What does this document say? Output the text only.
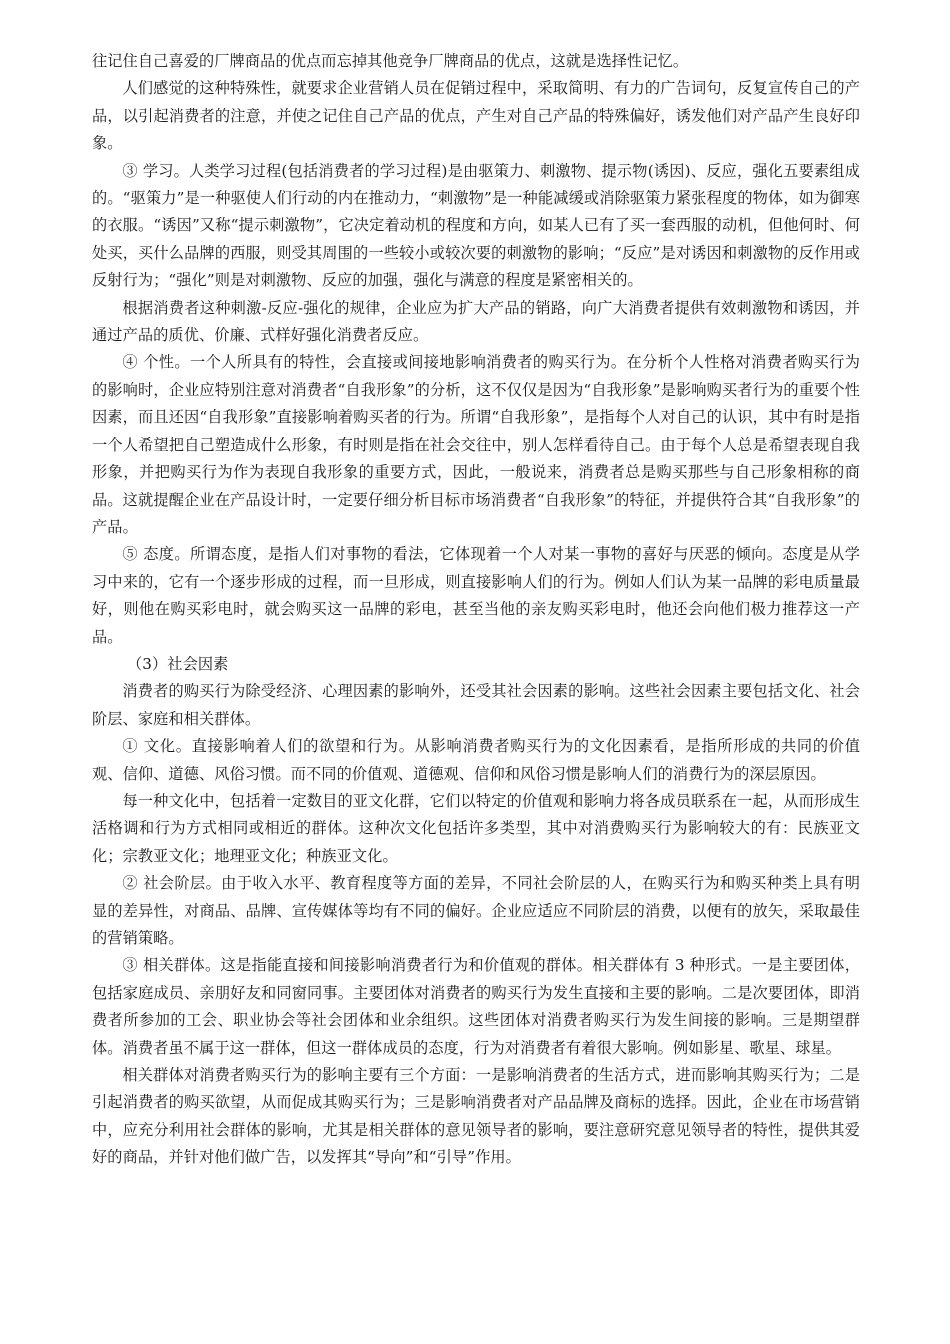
往记住自己喜爱的厂牌商品的优点而忘掉其他竞争厂牌商品的优点，这就是选择性记忆。

人们感觉的这种特殊性，就要求企业营销人员在促销过程中，采取简明、有力的广告词句，反复宣传自己的产品，以引起消费者的注意，并使之记住自己产品的优点，产生对自己产品的特殊偏好，诱发他们对产品产生良好印象。

③ 学习。人类学习过程(包括消费者的学习过程)是由驱策力、刺激物、提示物(诱因)、反应，强化五要素组成的。“驱策力”是一种驱使人们行动的内在推动力，“刺激物”是一种能减缓或消除驱策力紧张程度的物体，如为御寒的衣服。“诱因”又称“提示刺激物”，它决定着动机的程度和方向，如某人已有了买一套西服的动机，但他何时、何处买，买什么品牌的西服，则受其周围的一些较小或较次要的刺激物的影响；“反应”是对诱因和刺激物的反作用或反射行为；“强化”则是对刺激物、反应的加强，强化与满意的程度是紧密相关的。

根据消费者这种刺激-反应-强化的规律，企业应为扩大产品的销路，向广大消费者提供有效刺激物和诱因，并通过产品的质优、价廉、式样好强化消费者反应。

④ 个性。一个人所具有的特性，会直接或间接地影响消费者的购买行为。在分析个人性格对消费者购买行为的影响时，企业应特别注意对消费者“自我形象”的分析，这不仅仅是因为“自我形象”是影响购买者行为的重要个性因素，而且还因“自我形象”直接影响着购买者的行为。所谓“自我形象”，是指每个人对自己的认识，其中有时是指一个人希望把自己塑造成什么形象，有时则是指在社会交往中，别人怎样看待自己。由于每个人总是希望表现自我形象，并把购买行为作为表现自我形象的重要方式，因此，一般说来，消费者总是购买那些与自己形象相称的商品。这就提醒企业在产品设计时，一定要仔细分析目标市场消费者“自我形象”的特征，并提供符合其“自我形象”的产品。

⑤ 态度。所谓态度，是指人们对事物的看法，它体现着一个人对某一事物的喜好与厌恶的倾向。态度是从学习中来的，它有一个逐步形成的过程，而一旦形成，则直接影响人们的行为。例如人们认为某一品牌的彩电质量最好，则他在购买彩电时，就会购买这一品牌的彩电，甚至当他的亲友购买彩电时，他还会向他们极力推荐这一产品。

（3）社会因素

消费者的购买行为除受经济、心理因素的影响外，还受其社会因素的影响。这些社会因素主要包括文化、社会阶层、家庭和相关群体。

① 文化。直接影响着人们的欲望和行为。从影响消费者购买行为的文化因素看，是指所形成的共同的价值观、信仰、道德、风俗习惯。而不同的价值观、道德观、信仰和风俗习惯是影响人们的消费行为的深层原因。

每一种文化中，包括着一定数目的亚文化群，它们以特定的价值观和影响力将各成员联系在一起，从而形成生活格调和行为方式相同或相近的群体。这种次文化包括许多类型，其中对消费购买行为影响较大的有：民族亚文化；宗教亚文化；地理亚文化；种族亚文化。

② 社会阶层。由于收入水平、教育程度等方面的差异，不同社会阶层的人，在购买行为和购买种类上具有明显的差异性，对商品、品牌、宣传媒体等均有不同的偏好。企业应适应不同阶层的消费，以便有的放矢，采取最佳的营销策略。

③ 相关群体。这是指能直接和间接影响消费者行为和价值观的群体。相关群体有 3 种形式。一是主要团体，包括家庭成员、亲朋好友和同窗同事。主要团体对消费者的购买行为发生直接和主要的影响。二是次要团体，即消费者所参加的工会、职业协会等社会团体和业余组织。这些团体对消费者购买行为发生间接的影响。三是期望群体。消费者虽不属于这一群体，但这一群体成员的态度，行为对消费者有着很大影响。例如影星、歌星、球星。

相关群体对消费者购买行为的影响主要有三个方面：一是影响消费者的生活方式，进而影响其购买行为；二是引起消费者的购买欲望，从而促成其购买行为；三是影响消费者对产品品牌及商标的选择。因此，企业在市场营销中，应充分利用社会群体的影响，尤其是相关群体的意见领导者的影响，要注意研究意见领导者的特性，提供其爱好的商品，并针对他们做广告，以发挥其“导向”和“引导”作用。
